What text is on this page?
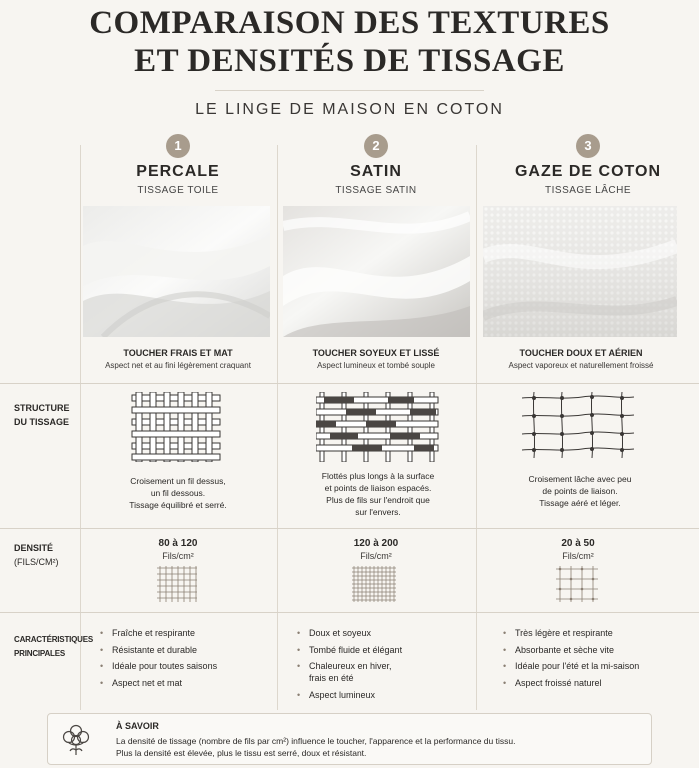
COMPARAISON DES TEXTURES
ET DENSITÉS DE TISSAGE
LE LINGE DE MAISON EN COTON
STRUCTURE
DU TISSAGE
DENSITÉ
(FILS/CM²)
CARACTÉRISTIQUES
PRINCIPALES
1
PERCALE
TISSAGE TOILE
TOUCHER FRAIS ET MAT
Aspect net et au fini légèrement craquant
Croisement un fil dessus,
un fil dessous.
Tissage équilibré et serré.
80 à 120
Fils/cm²
• Fraîche et respirante
• Résistante et durable
• Idéale pour toutes saisons
• Aspect net et mat
2
SATIN
TISSAGE SATIN
TOUCHER SOYEUX ET LISSÉ
Aspect lumineux et tombé souple
Flottés plus longs à la surface
et points de liaison espacés.
Plus de fils sur l'endroit que
sur l'envers.
120 à 200
Fils/cm²
• Doux et soyeux
• Tombé fluide et élégant
• Chaleureux en hiver,
frais en été
• Aspect lumineux
3
GAZE DE COTON
TISSAGE LÂCHE
TOUCHER DOUX ET AÉRIEN
Aspect vaporeux et naturellement froissé
Croisement lâche avec peu
de points de liaison.
Tissage aéré et léger.
20 à 50
Fils/cm²
• Très légère et respirante
• Absorbante et sèche vite
• Idéale pour l'été et la mi-saison
• Aspect froissé naturel
À SAVOIR
La densité de tissage (nombre de fils par cm²) influence le toucher, l'apparence et la performance du tissu.
Plus la densité est élevée, plus le tissu est serré, doux et résistant.
